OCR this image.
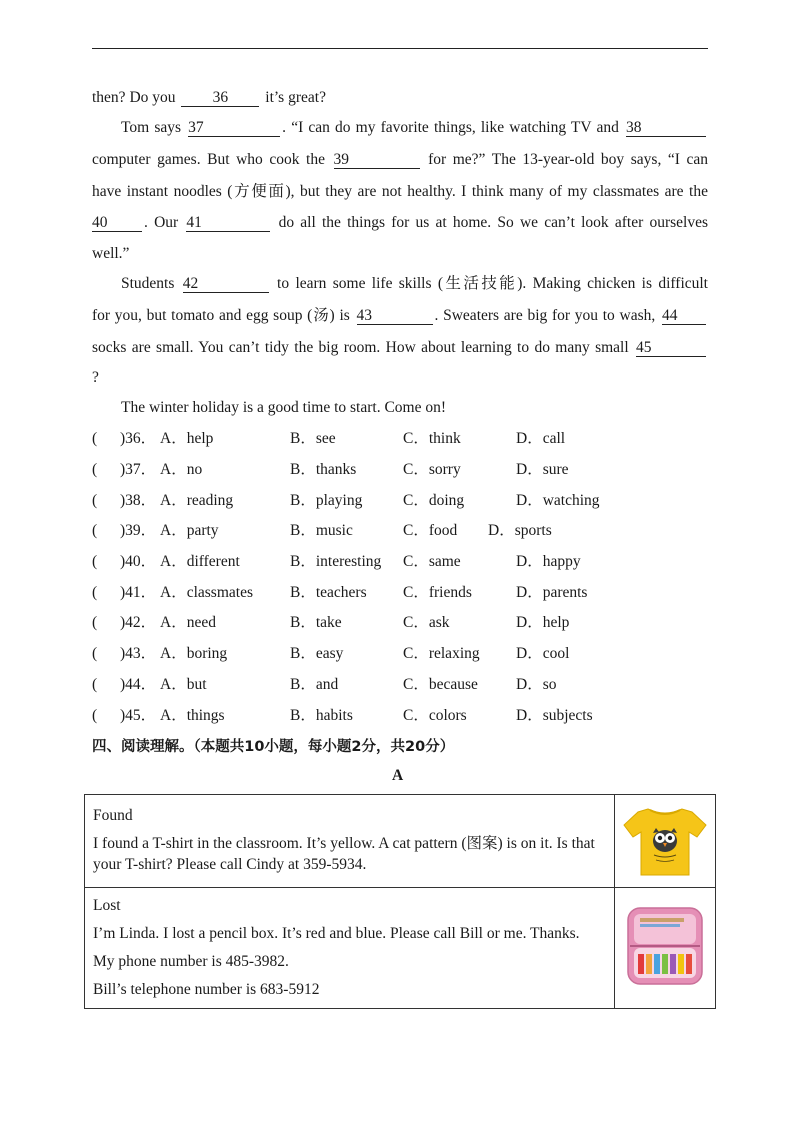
then? Do you 36 it’s great?
Tom says 37	. “I can do my favorite things, like watching TV and 38
computer games. But who cook the 39	for me?” The 13-year-old boy says, “I can
have instant noodles (方便面), but they are not healthy. I think many of my classmates are the
40 . Our 41	do all the things for us at home. So we can’t look after ourselves
well.”
Students 42	to learn some life skills (生活技能). Making chicken is difficult
for you, but tomato and egg soup (汤) is 43	. Sweaters are big for you to wash, 44
socks are small. You can’t tidy the big room. How about learning to do many small 45
?
The winter holiday is a good time to start. Come on!
( )36． A．help	B．see	C．think	D．call
( )37． A．no	B．thanks	C．sorry	D．sure
( )38． A．reading	B．playing	C．doing	D．watching
( )39． A．party	B．music	C．food D．sports
( )40． A．different	B．interesting C．same	D．happy
( )41． A．classmates B．teachers C．friends	D．parents
( )42． A．need	B．take	C．ask	D．help
( )43． A．boring	B．easy	C．relaxing D．cool
( )44． A．but	B．and	C．because D．so
( )45． A．things	B．habits	C．colors	D．subjects
四、阅读理解。（本题共10小题，每小题2分，共20分）
A

Found

I found a T-shirt in the classroom. It’s yellow. A cat pattern (图案) is on it. Is that your T-shirt? Please call Cindy at 359-5934.

Lost

I’m Linda. I lost a pencil box. It’s red and blue. Please call Bill or me. Thanks.

My phone number is 485-3982.

Bill’s telephone number is 683-5912
